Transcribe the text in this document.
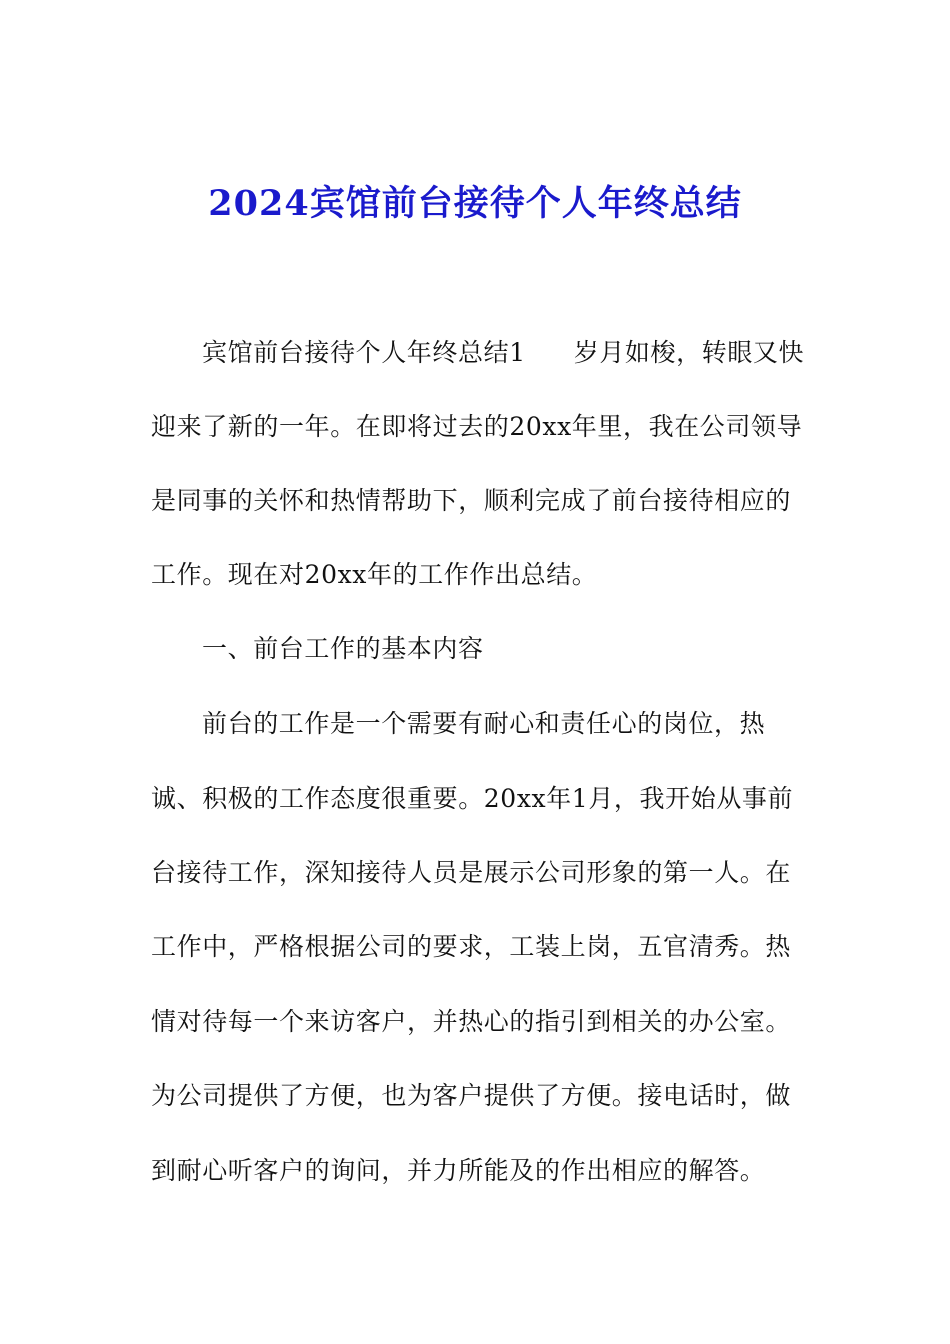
2024宾馆前台接待个人年终总结
宾馆前台接待个人年终总结1 岁月如梭，转眼又快
迎来了新的一年。在即将过去的20xx年里，我在公司领导
是同事的关怀和热情帮助下，顺利完成了前台接待相应的
工作。现在对20xx年的工作作出总结。
一、前台工作的基本内容
前台的工作是一个需要有耐心和责任心的岗位，热
诚、积极的工作态度很重要。20xx年1月，我开始从事前
台接待工作，深知接待人员是展示公司形象的第一人。在
工作中，严格根据公司的要求，工装上岗，五官清秀。热
情对待每一个来访客户，并热心的指引到相关的办公室。
为公司提供了方便，也为客户提供了方便。接电话时，做
到耐心听客户的询问，并力所能及的作出相应的解答。
